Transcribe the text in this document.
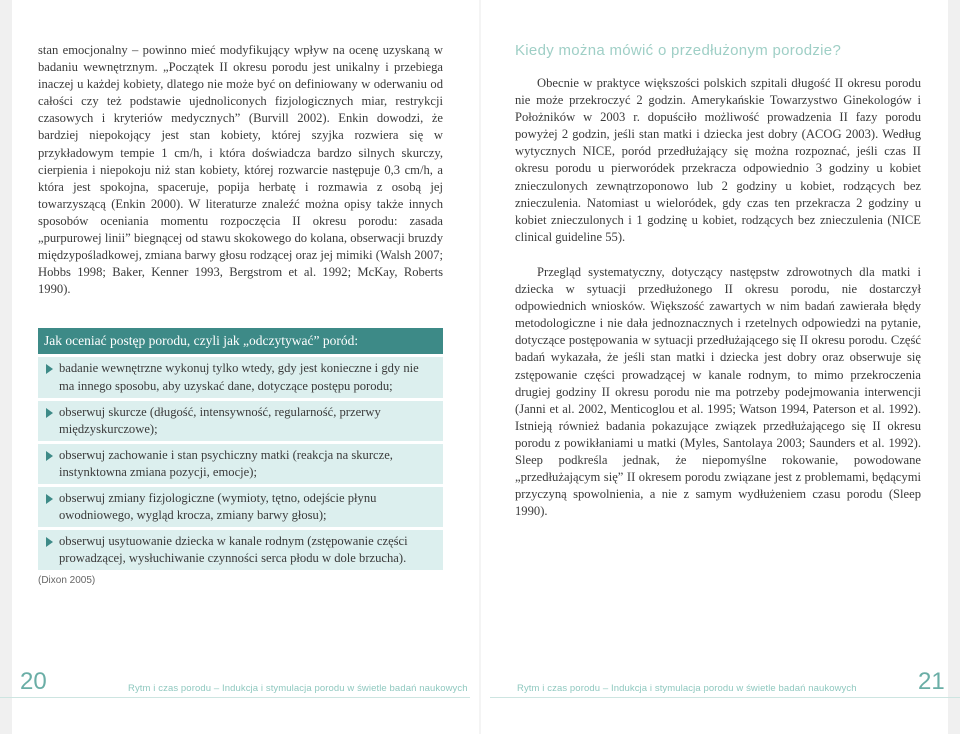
stan emocjonalny – powinno mieć modyfikujący wpływ na ocenę uzyskaną w badaniu wewnętrznym. „Początek II okresu porodu jest unikalny i przebiega inaczej u każdej kobiety, dlatego nie może być on definiowany w oderwaniu od całości czy też podstawie ujednoliconych fizjologicznych miar, restrykcji czasowych i kryteriów medycznych” (Burvill 2002). Enkin dowodzi, że bardziej niepokojący jest stan kobiety, której szyjka rozwiera się w przykładowym tempie 1 cm/h, i która doświadcza bardzo silnych skurczy, cierpienia i niepokoju niż stan kobiety, której rozwarcie następuje 0,3 cm/h, a która jest spokojna, spaceruje, popija herbatę i rozmawia z osobą jej towarzyszącą (Enkin 2000). W literaturze znaleźć można opisy także innych sposobów oceniania momentu rozpoczęcia II okresu porodu: zasada „purpurowej linii” biegnącej od stawu skokowego do kolana, obserwacji bruzdy międzypośladkowej, zmiana barwy głosu rodzącej oraz jej mimiki (Walsh 2007; Hobbs 1998; Baker, Kenner 1993, Bergstrom et al. 1992; McKay, Roberts 1990).

Jak oceniać postęp porodu, czyli jak „odczytywać” poród:
badanie wewnętrzne wykonuj tylko wtedy, gdy jest konieczne i gdy nie ma innego sposobu, aby uzyskać dane, dotyczące postępu porodu;
obserwuj skurcze (długość, intensywność, regularność, przerwy międzyskurczowe);
obserwuj zachowanie i stan psychiczny matki (reakcja na skurcze, instynktowna zmiana pozycji, emocje);
obserwuj zmiany fizjologiczne (wymioty, tętno, odejście płynu owodniowego, wygląd krocza, zmiany barwy głosu);
obserwuj usytuowanie dziecka w kanale rodnym (zstępowanie części prowadzącej, wysłuchiwanie czynności serca płodu w dole brzucha).
(Dixon 2005)
Kiedy można mówić o przedłużonym porodzie?

Obecnie w praktyce większości polskich szpitali długość II okresu porodu nie może przekroczyć 2 godzin. Amerykańskie Towarzystwo Ginekologów i Położników w 2003 r. dopuściło możliwość prowadzenia II fazy porodu powyżej 2 godzin, jeśli stan matki i dziecka jest dobry (ACOG 2003). Według wytycznych NICE, poród przedłużający się można rozpoznać, jeśli czas II okresu porodu u pierworódek przekracza odpowiednio 3 godziny u kobiet znieczulonych zewnątrzoponowo lub 2 godziny u kobiet, rodzących bez znieczulenia. Natomiast u wieloródek, gdy czas ten przekracza 2 godziny u kobiet znieczulonych i 1 godzinę u kobiet, rodzących bez znieczulenia (NICE clinical guideline 55).

Przegląd systematyczny, dotyczący następstw zdrowotnych dla matki i dziecka w sytuacji przedłużonego II okresu porodu, nie dostarczył odpowiednich wniosków. Większość zawartych w nim badań zawierała błędy metodologiczne i nie dała jednoznacznych i rzetelnych odpowiedzi na pytanie, dotyczące postępowania w sytuacji przedłużającego się II okresu porodu. Część badań wykazała, że jeśli stan matki i dziecka jest dobry oraz obserwuje się zstępowanie części prowadzącej w kanale rodnym, to mimo przekroczenia drugiej godziny II okresu porodu nie ma potrzeby podejmowania interwencji (Janni et al. 2002, Menticoglou et al. 1995; Watson 1994, Paterson et al. 1992). Istnieją również badania pokazujące związek przedłużającego się II okresu porodu z powikłaniami u matki (Myles, Santolaya 2003; Saunders et al. 1992). Sleep podkreśla jednak, że niepomyślne rokowanie, powodowane „przedłużającym się” II okresem porodu związane jest z problemami, będącymi przyczyną spowolnienia, a nie z samym wydłużeniem czasu porodu (Sleep 1990).

20	Rytm i czas porodu – Indukcja i stymulacja porodu w świetle badań naukowych	Rytm i czas porodu – Indukcja i stymulacja porodu w świetle badań naukowych	21
